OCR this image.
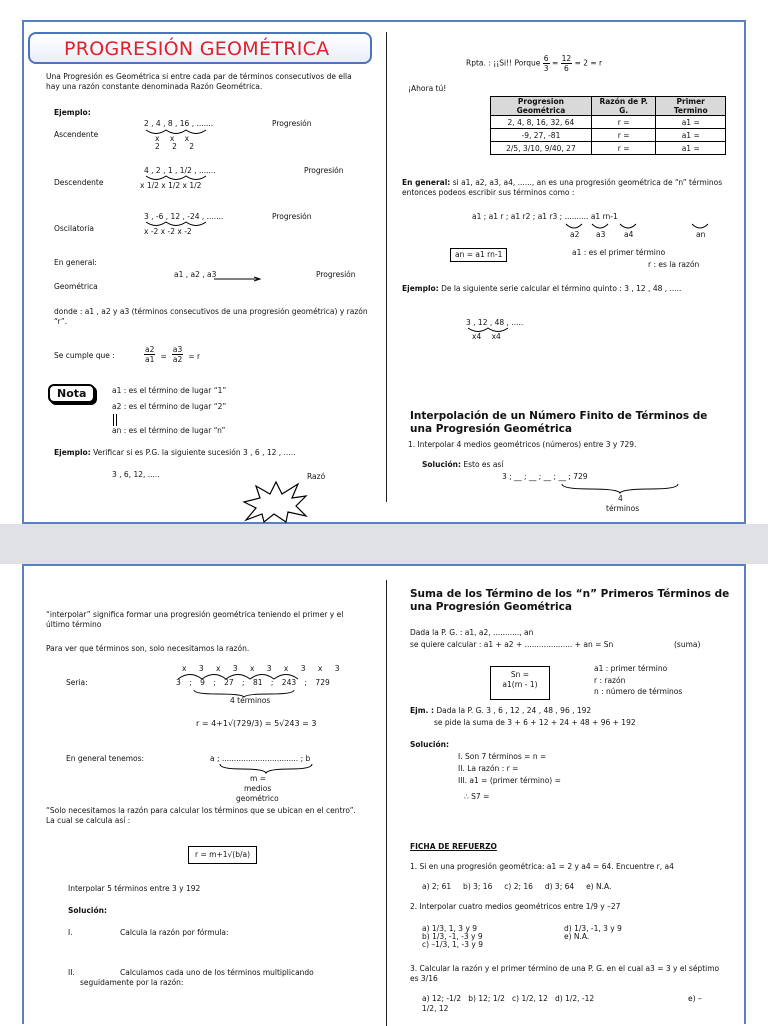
PROGRESIÓN GEOMÉTRICA
Una Progresión es Geométrica si entre cada par de términos consecutivos de ella hay una razón constante denominada Razón Geométrica.
Ejemplo:
Ascendente
2 , 4 , 8 , 16 , .......
x x x
2 2 2
Progresión
Descendente
4 , 2 , 1 , 1/2 , .......
x 1/2 x 1/2 x 1/2
Progresión
Oscilatoria
3 , -6 , 12 , -24 , .......
x -2 x -2 x -2
Progresión
En general:
a1 , a2 , a3	Progresión
Geométrica
donde : a1 , a2 y a3 (términos consecutivos de una progresión geométrica) y razón “r”.
Se cumple que :	$\frac{a2}{a1} = \frac{a3}{a2} = r$
Nota	a1 : es el término de lugar “1”
a2 : es el término de lugar “2”
an : es el término de lugar “n”
Ejemplo: Verificar si es P.G. la siguiente sucesión 3 , 6 , 12 , .....
3 , 6, 12, .....	Razó
Rpta. : ¡¡Si!! Porque $\frac{6}{3} = \frac{12}{6} = 2 = r$
¡Ahora tú!
Progresion Geométrica	Razón de P. G.	Primer Termino
2, 4, 8, 16, 32, 64	r =	a1 =
-9, 27, -81	r =	a1 =
2/5, 3/10, 9/40, 27	r =	a1 =
En general: si a1, a2, a3, a4, ......, an es una progresión geométrica de “n” términos entonces podeos escribir sus términos como :
a1 ; a1 r ; a1 r2 ; a1 r3 ; .......... a1 rn-1
a2 a3 a4	an
an = a1 rn-1	a1 : es el primer término
r : es la razón
Ejemplo: De la siguiente serie calcular el término quinto : 3 , 12 , 48 , .....
3 , 12 , 48 , .....
x4 x4
Interpolación de un Número Finito de Términos de una Progresión Geométrica
1. Interpolar 4 medios geométricos (números) entre 3 y 729.
Solución: Esto es así
3 ; __ ; __ ; __ ; __ ; 729
4
términos
“interpolar” significa formar una progresión geométrica teniendo el primer y el último término
Para ver que términos son, solo necesitamos la razón.
Seria:
x 3 x 3 x 3 x 3 x 3
3 ; 9 ; 27 ; 81 ; 243 ; 729
4 términos
r = 4+1√(729/3) = 5√243 = 3
En general tenemos:	a ; ................................ ; b
m =
medios
geométrico
“Solo necesitamos la razón para calcular los términos que se ubican en el centro”. La cual se calcula así :
r = m+1√(b/a)
Interpolar 5 términos entre 3 y 192
Solución:
I.	Calcula la razón por fórmula:
II.	Calculamos cada uno de los términos multiplicando seguidamente por la razón:
Suma de los Término de los “n” Primeros Términos de una Progresión Geométrica
Dada la P. G. : a1, a2, ..........., an
se quiere calcular : a1 + a2 + .................... + an = Sn	(suma)
Sn =
a1(rn - 1)
a1 : primer término
r : razón
n : número de términos
Ejm. : Dada la P. G. 3 , 6 , 12 , 24 , 48 , 96 , 192
se pide la suma de 3 + 6 + 12 + 24 + 48 + 96 + 192
Solución:
I. Son 7 términos = n =
II. La razón : r =
III. a1 = (primer término) =
∴ S7 =
FICHA DE REFUERZO
1. Si en una progresión geométrica: a1 = 2 y a4 = 64. Encuentre r, a4
a) 2; 61     b) 3; 16     c) 2; 16     d) 3; 64     e) N.A.
2. Interpolar cuatro medios geométricos entre 1/9 y –27
a) 1/3, 1, 3 y 9
b) 1/3, -1, -3 y 9
c) –1/3, 1, -3 y 9
d) 1/3, -1, 3 y 9
e) N.A.
3. Calcular la razón y el primer término de una P. G. en el cual a3 = 3 y el séptimo es 3/16
a) 12; -1/2   b) 12; 1/2   c) 1/2, 12   d) 1/2, -12	e) –
1/2, 12
